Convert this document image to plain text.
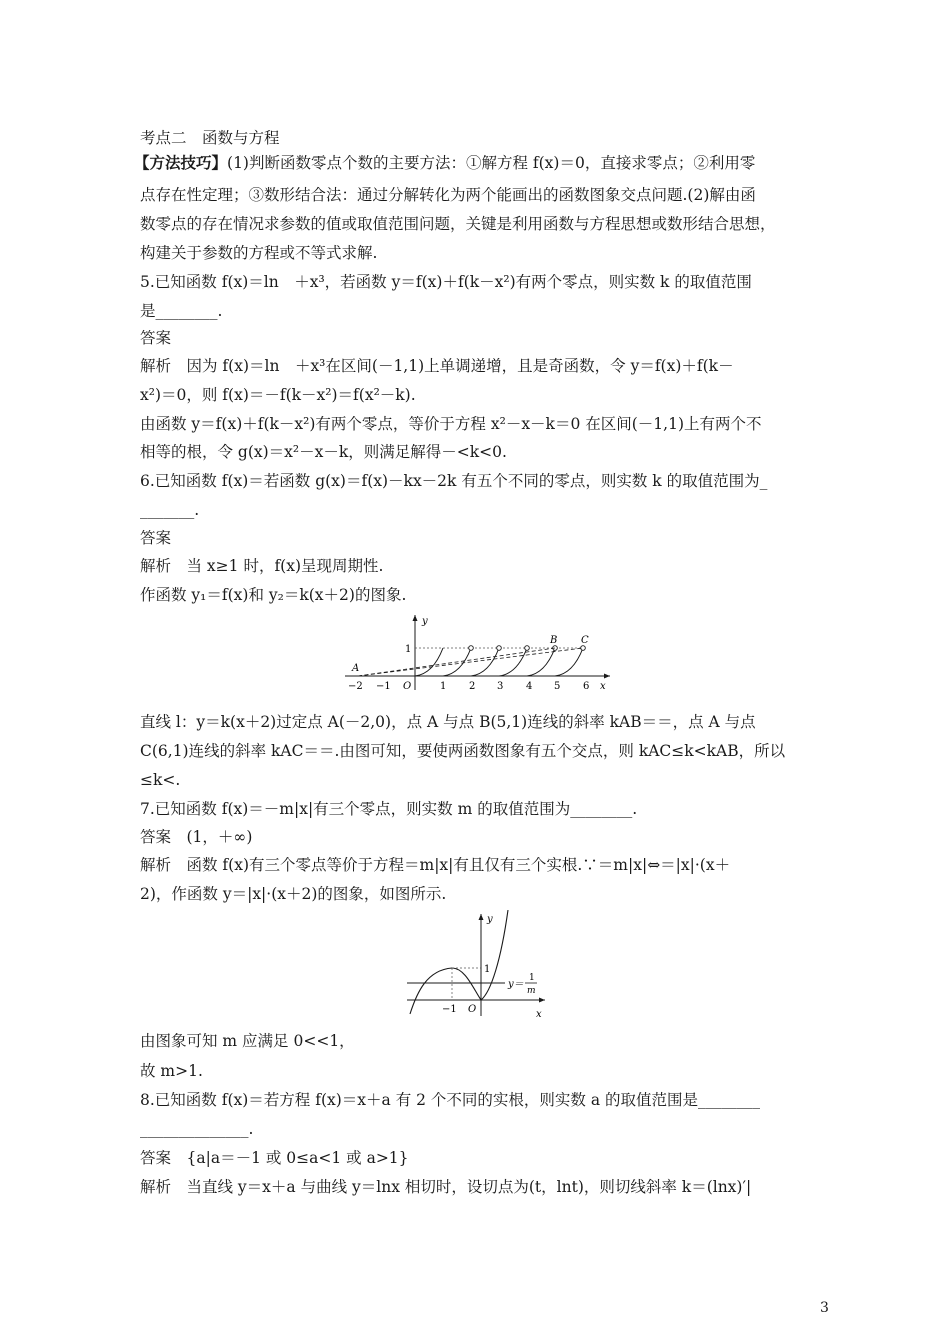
考点二　函数与方程
【方法技巧】(1)判断函数零点个数的主要方法：①解方程 f(x)＝0，直接求零点；②利用零
点存在性定理；③数形结合法：通过分解转化为两个能画出的函数图象交点问题.(2)解由函
数零点的存在情况求参数的值或取值范围问题，关键是利用函数与方程思想或数形结合思想，
构建关于参数的方程或不等式求解.
5.已知函数 f(x)＝ln　＋x³，若函数 y＝f(x)＋f(k－x²)有两个零点，则实数 k 的取值范围
是________.
答案
解析　因为 f(x)＝ln　＋x³在区间(－1,1)上单调递增，且是奇函数，令 y＝f(x)＋f(k－
x²)＝0，则 f(x)＝－f(k－x²)＝f(x²－k).
由函数 y＝f(x)＋f(k－x²)有两个零点，等价于方程 x²－x－k＝0 在区间(－1,1)上有两个不
相等的根，令 g(x)＝x²－x－k，则满足解得－<k<0.
6.已知函数 f(x)＝若函数 g(x)＝f(x)－kx－2k 有五个不同的零点，则实数 k 的取值范围为_
_______.
答案
解析　当 x≥1 时，f(x)呈现周期性.
作函数 y₁＝f(x)和 y₂＝k(x＋2)的图象.
y
x
1
−2 −1 O	1 2 3 4 5 6
A
B C
直线 l：y＝k(x＋2)过定点 A(－2,0)，点 A 与点 B(5,1)连线的斜率 kAB＝＝，点 A 与点
C(6,1)连线的斜率 kAC＝＝.由图可知，要使两函数图象有五个交点，则 kAC≤k<kAB，所以
≤k<.
7.已知函数 f(x)＝－m|x|有三个零点，则实数 m 的取值范围为________.
答案　(1，＋∞)
解析　函数 f(x)有三个零点等价于方程＝m|x|有且仅有三个实根.∵＝m|x|⇔＝|x|·(x＋
2)，作函数 y＝|x|·(x＋2)的图象，如图所示.
y
x
1
−1 O
y＝
1
m
由图象可知 m 应满足 0<<1，
故 m>1.
8.已知函数 f(x)＝若方程 f(x)＝x＋a 有 2 个不同的实根，则实数 a 的取值范围是________
______________.
答案　{a|a＝－1 或 0≤a<1 或 a>1}
解析　当直线 y＝x＋a 与曲线 y＝lnx 相切时，设切点为(t，lnt)，则切线斜率 k＝(lnx)′|
3
